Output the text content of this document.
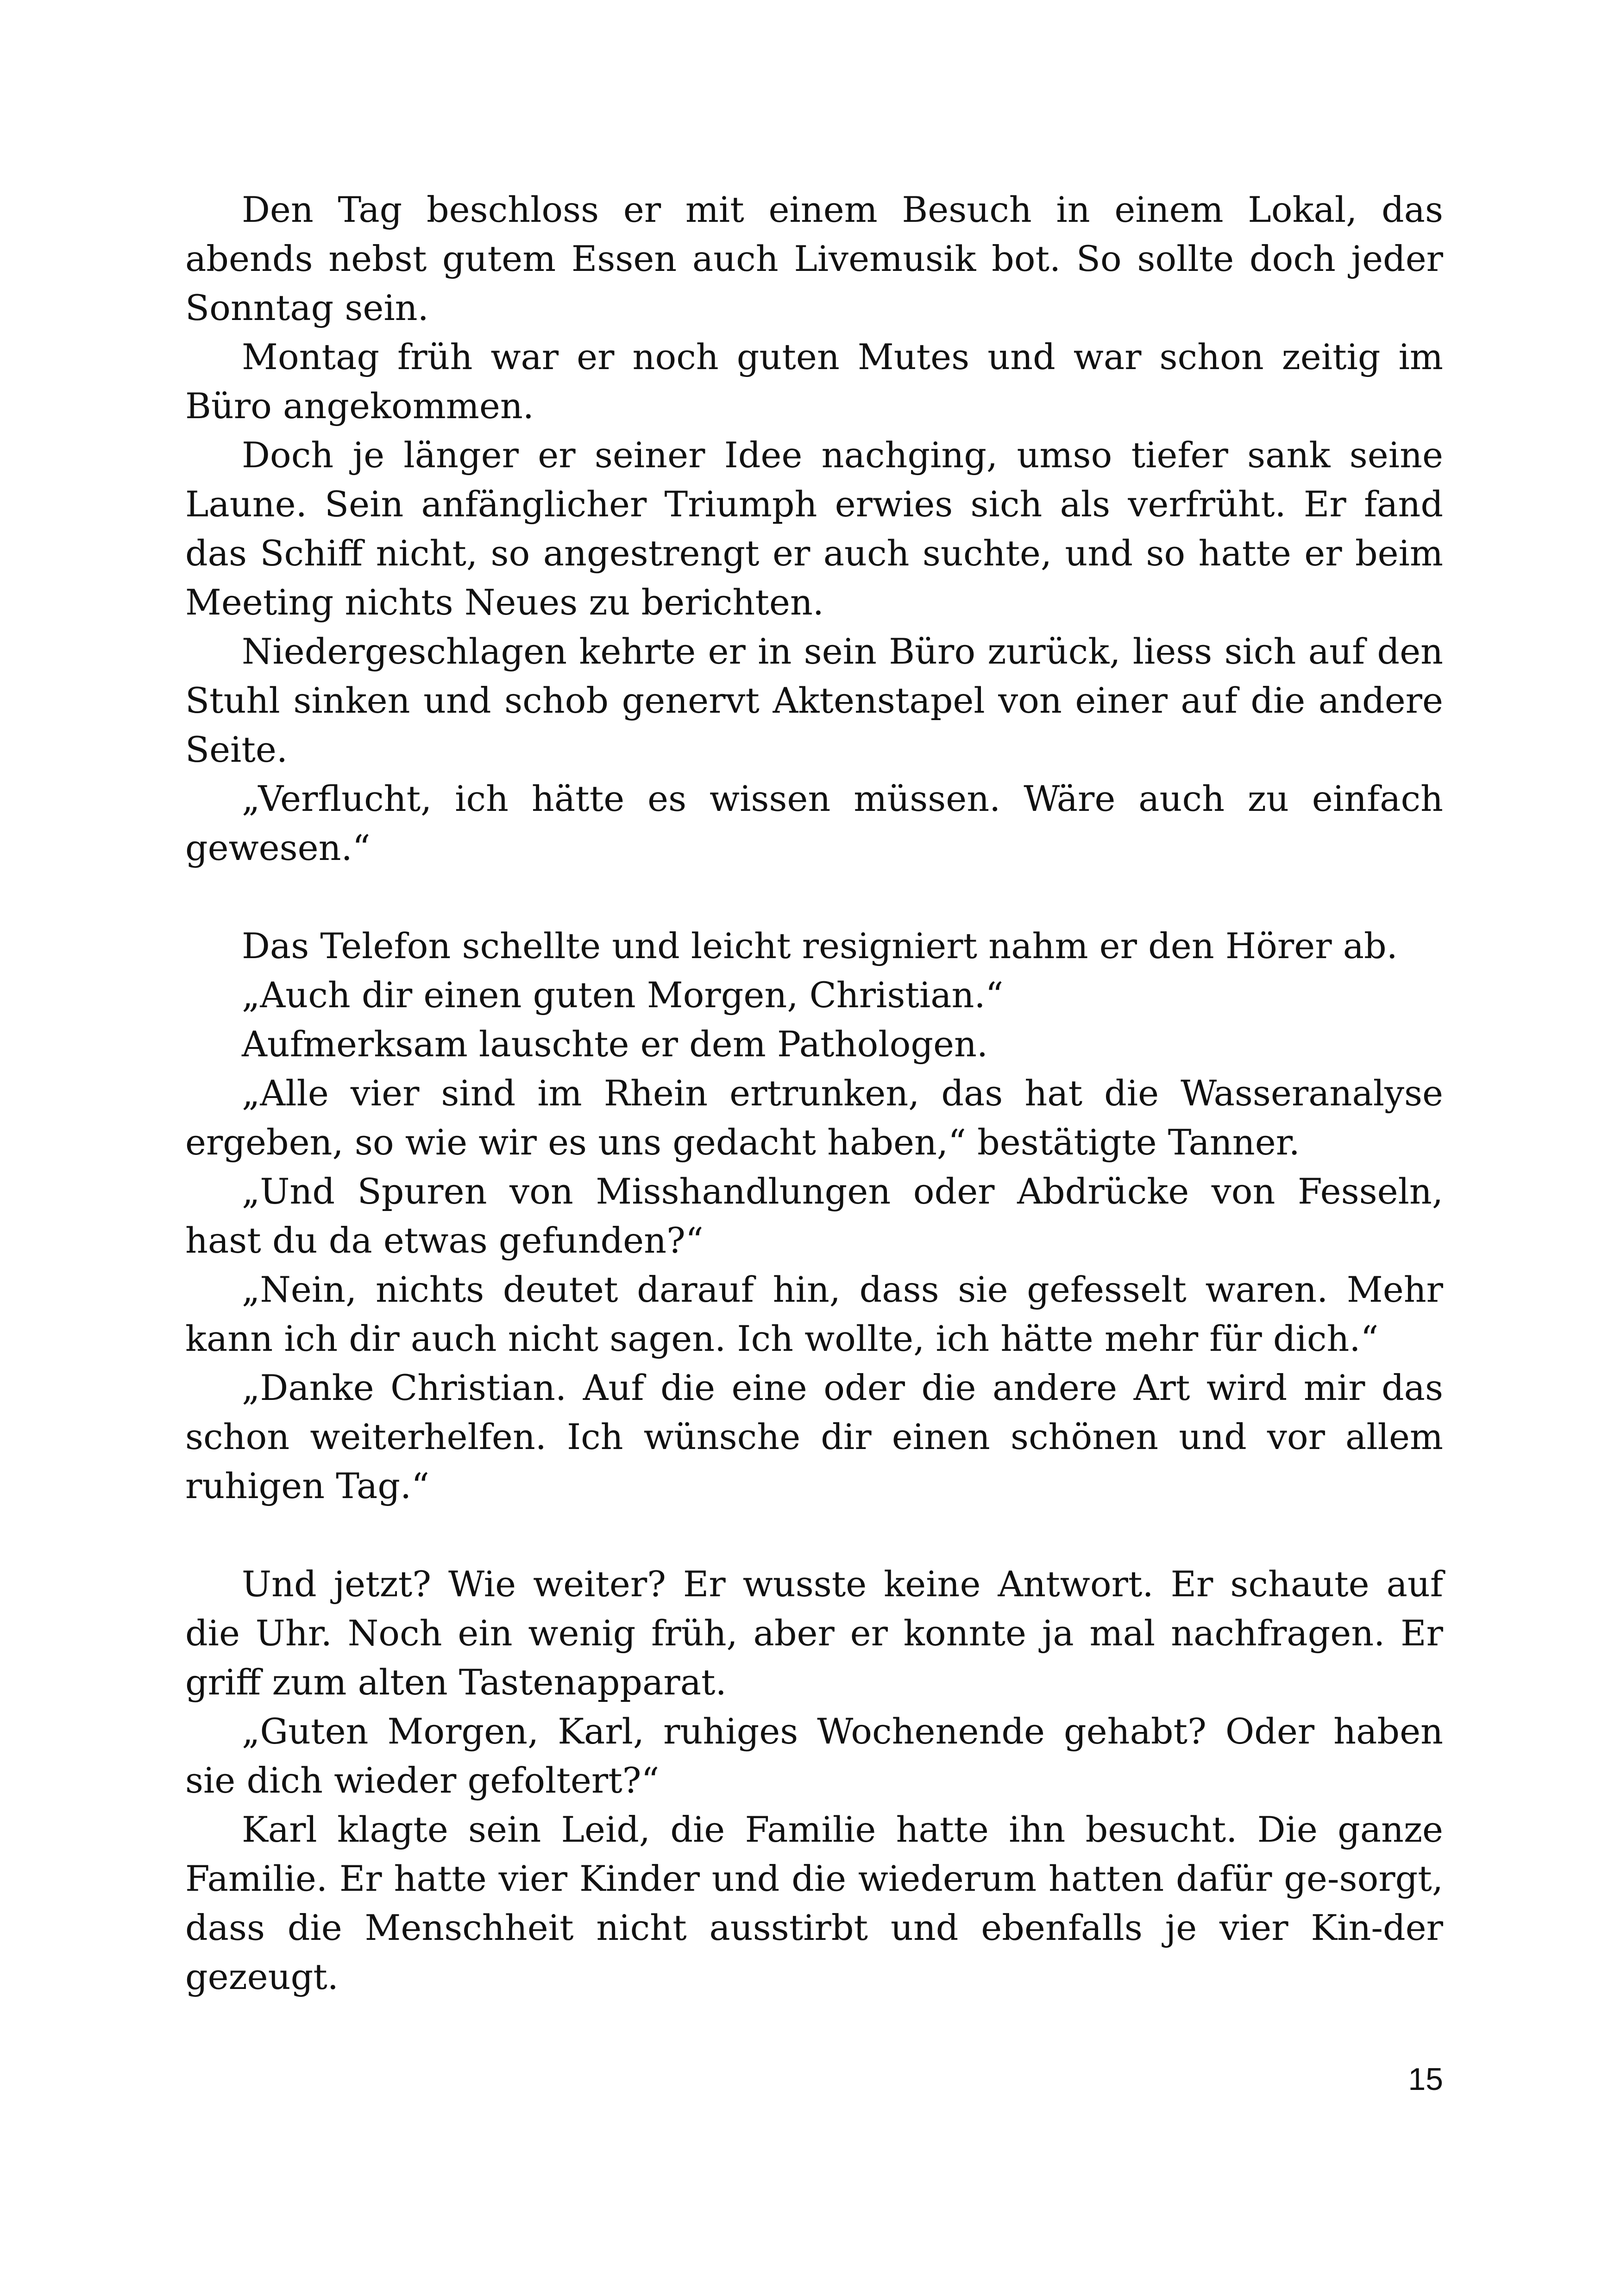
Den Tag beschloss er mit einem Besuch in einem Lokal, das abends nebst gutem Essen auch Livemusik bot. So sollte doch jeder Sonntag sein.

Montag früh war er noch guten Mutes und war schon zeitig im Büro angekommen.

Doch je länger er seiner Idee nachging, umso tiefer sank seine Laune. Sein anfänglicher Triumph erwies sich als verfrüht. Er fand das Schiff nicht, so angestrengt er auch suchte, und so hatte er beim Meeting nichts Neues zu berichten.

Niedergeschlagen kehrte er in sein Büro zurück, liess sich auf den Stuhl sinken und schob genervt Aktenstapel von einer auf die andere Seite.

„Verflucht, ich hätte es wissen müssen. Wäre auch zu einfach gewesen.“

Das Telefon schellte und leicht resigniert nahm er den Hörer ab.

„Auch dir einen guten Morgen, Christian.“

Aufmerksam lauschte er dem Pathologen.

„Alle vier sind im Rhein ertrunken, das hat die Wasseranalyse ergeben, so wie wir es uns gedacht haben,“ bestätigte Tanner.

„Und Spuren von Misshandlungen oder Abdrücke von Fesseln, hast du da etwas gefunden?“

„Nein, nichts deutet darauf hin, dass sie gefesselt waren. Mehr kann ich dir auch nicht sagen. Ich wollte, ich hätte mehr für dich.“

„Danke Christian. Auf die eine oder die andere Art wird mir das schon weiterhelfen. Ich wünsche dir einen schönen und vor allem ruhigen Tag.“

Und jetzt? Wie weiter? Er wusste keine Antwort. Er schaute auf die Uhr. Noch ein wenig früh, aber er konnte ja mal nachfragen. Er griff zum alten Tastenapparat.

„Guten Morgen, Karl, ruhiges Wochenende gehabt? Oder haben sie dich wieder gefoltert?“

Karl klagte sein Leid, die Familie hatte ihn besucht. Die ganze Familie. Er hatte vier Kinder und die wiederum hatten dafür ge-sorgt, dass die Menschheit nicht ausstirbt und ebenfalls je vier Kin-der gezeugt.

15
